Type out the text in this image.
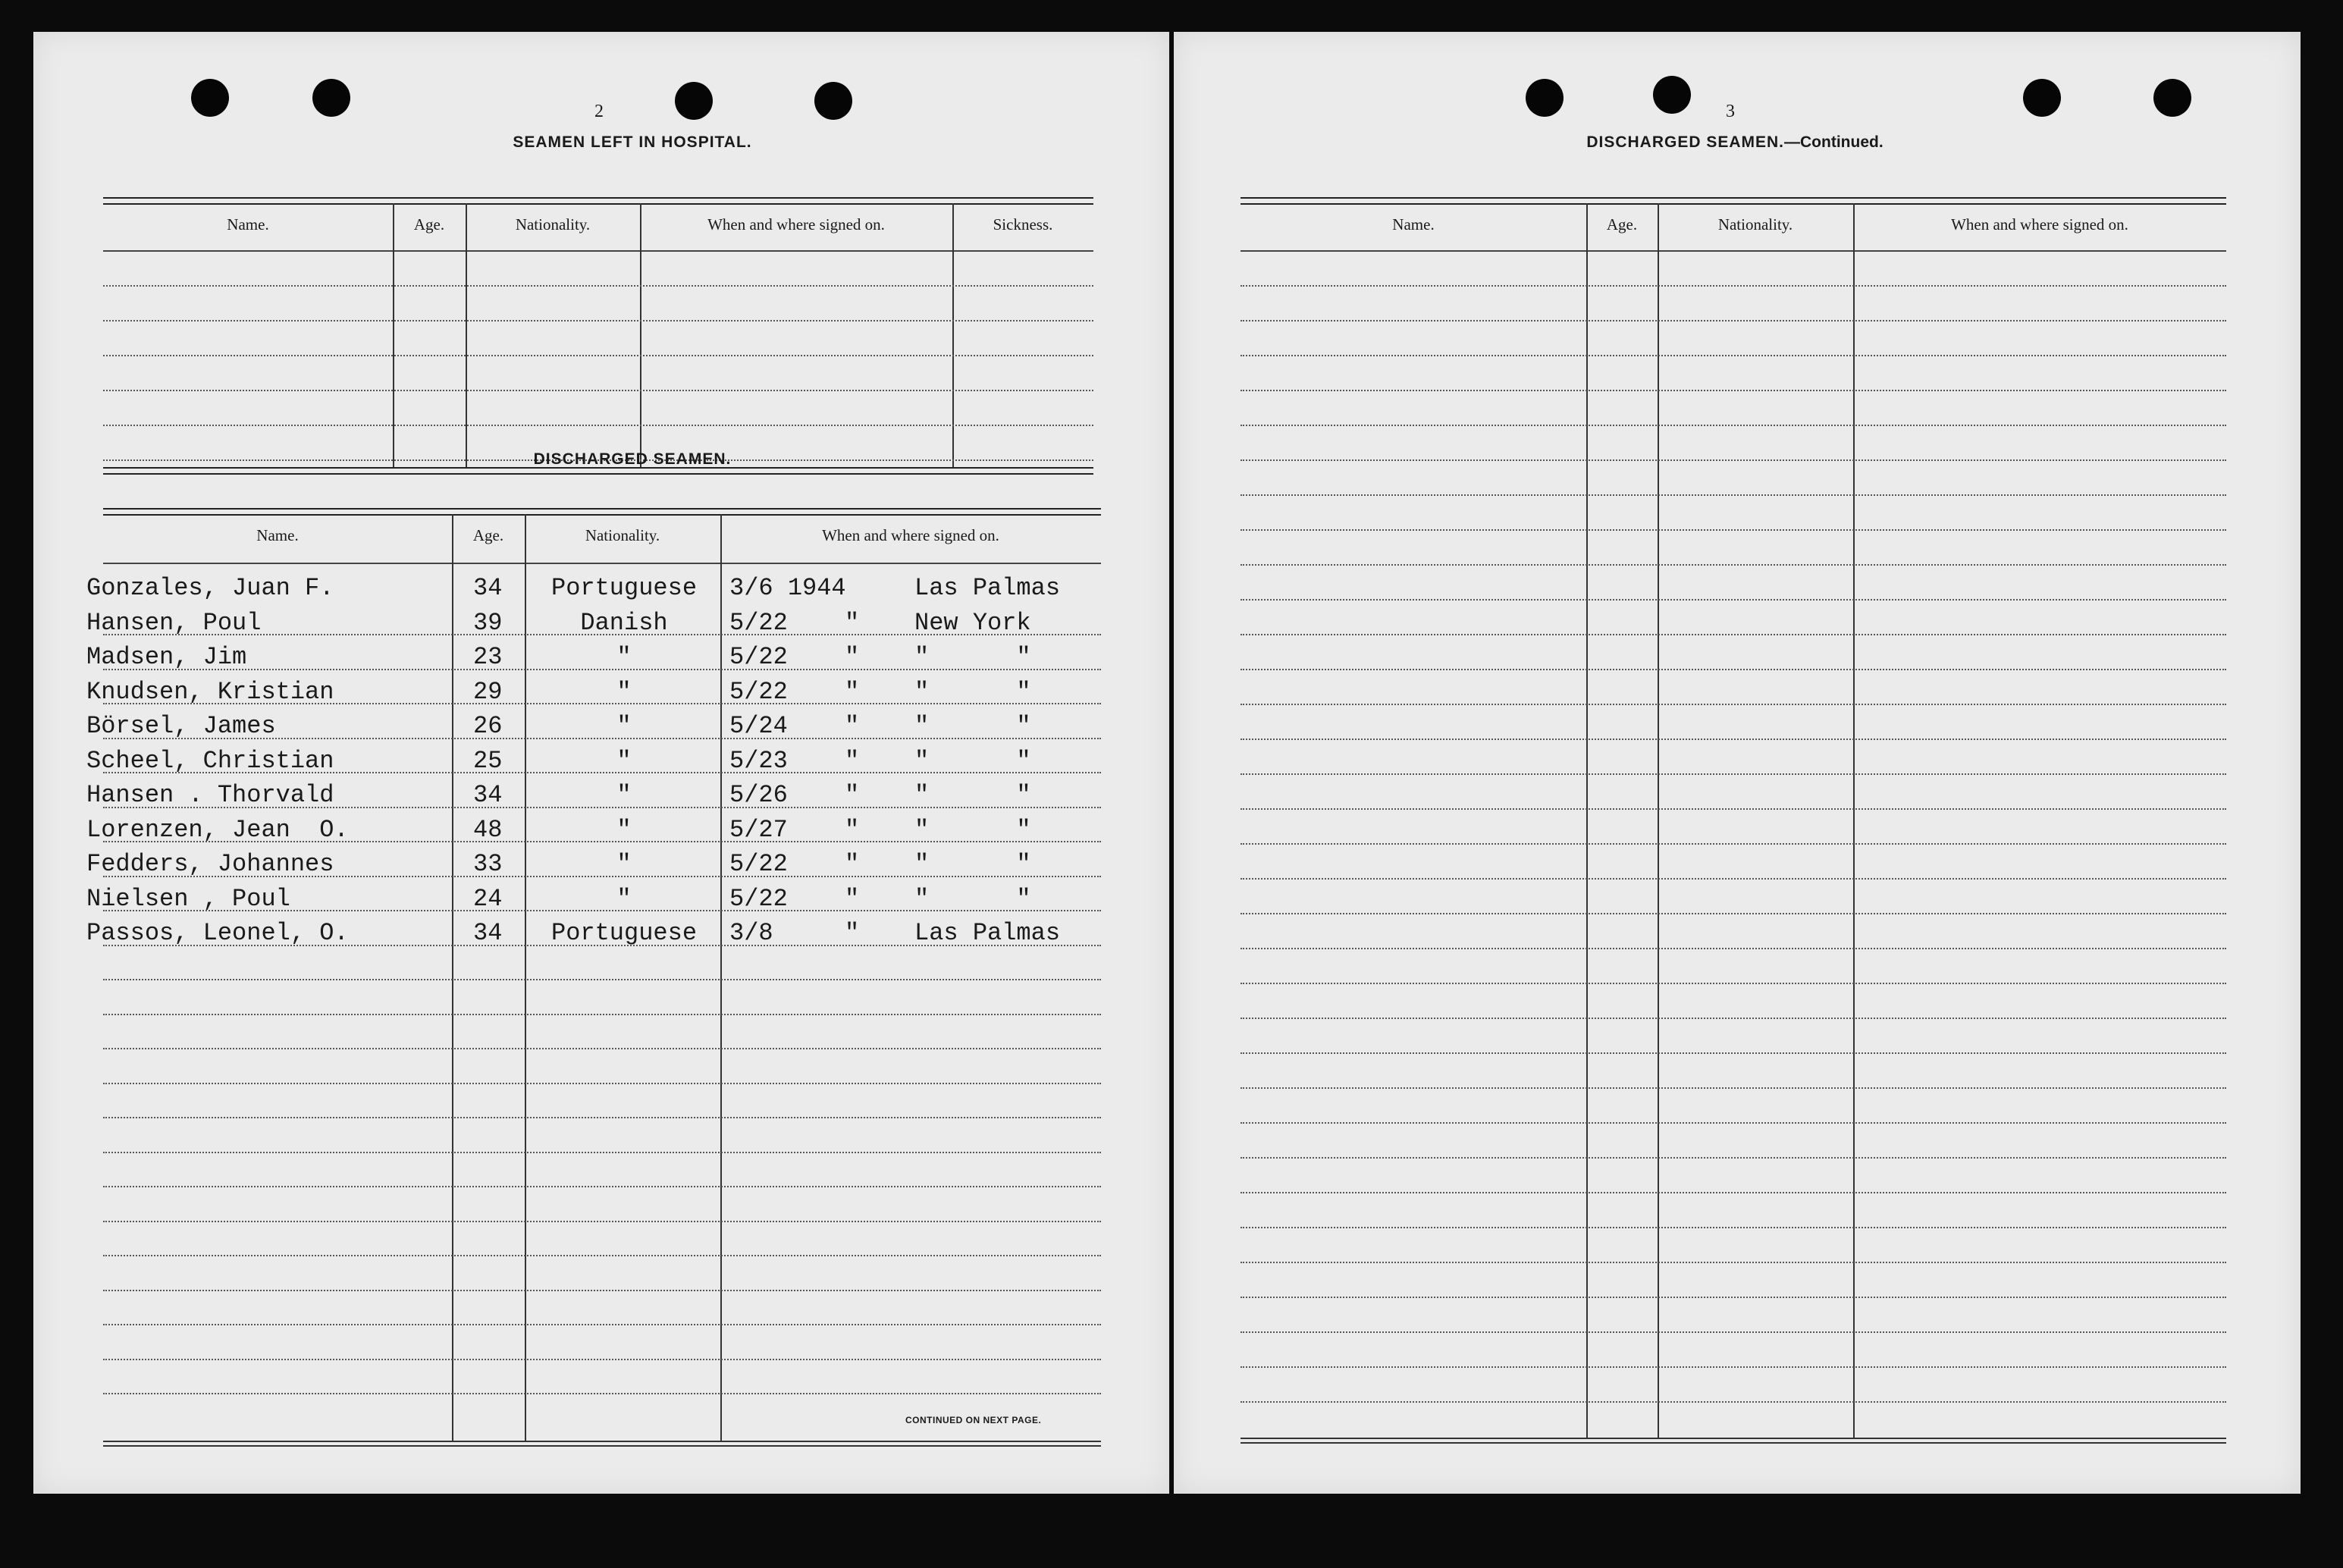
2
SEAMEN LEFT IN HOSPITAL.
Name.	Age.	Nationality.	When and where signed on.	Sickness.
DISCHARGED SEAMEN.
Name.	Age.	Nationality.	When and where signed on.
Gonzales, Juan F.	34	Portuguese	3/6 1944	Las Palmas
Hansen, Poul	39	Danish	5/22 " New York
Madsen, Jim	23	"	5/22 " "      "
Knudsen, Kristian	29	"	5/22 " "      "
Börsel, James	26	"	5/24 " "      "
Scheel, Christian	25	"	5/23 " "      "
Hansen . Thorvald	34	"	5/26 " "      "
Lorenzen, Jean  O.	48	"	5/27 " "      "
Fedders, Johannes	33	"	5/22 " "      "
Nielsen , Poul	24	"	5/22 " "      "
Passos, Leonel, O.	34	Portuguese	3/8	" Las Palmas
CONTINUED ON NEXT PAGE.
3
DISCHARGED SEAMEN.—Continued.
Name.	Age.	Nationality.	When and where signed on.
